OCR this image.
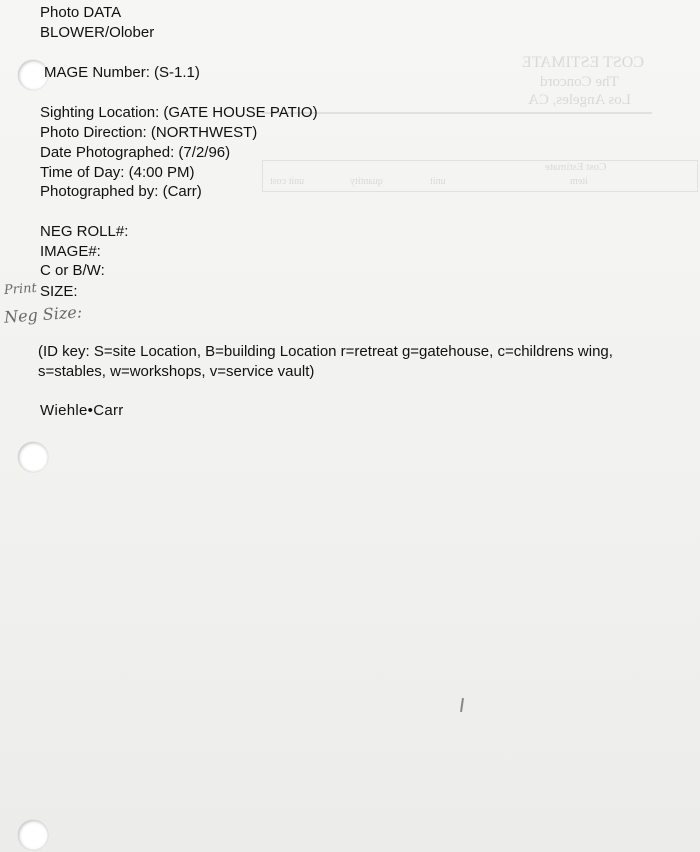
COST ESTIMATE
The Concord
Los Angeles, CA
Cost Estimate
item
unit
quantity
unit cost
Photo DATA
BLOWER/Olober
MAGE Number: (S-1.1)
Sighting Location: (GATE HOUSE PATIO)
Photo Direction: (NORTHWEST)
Date Photographed: (7/2/96)
Time of Day: (4:00 PM)
Photographed by: (Carr)
NEG ROLL#:
IMAGE#:
C or B/W:
SIZE:
Print
Neg Size:
(ID key: S=site Location, B=building Location r=retreat g=gatehouse, c=childrens wing,
s=stables, w=workshops, v=service vault)
Wiehle•Carr
